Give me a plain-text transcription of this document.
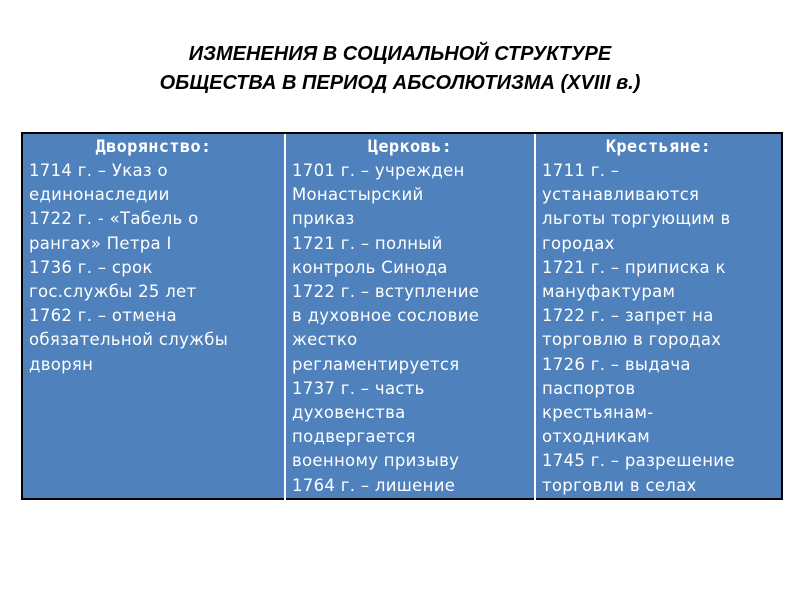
ИЗМЕНЕНИЯ В СОЦИАЛЬНОЙ СТРУКТУРЕ
ОБЩЕСТВА В ПЕРИОД АБСОЛЮТИЗМА (XVIII в.)
Дворянство:
1714 г. – Указ о
единонаследии
1722 г. - «Табель о
рангах» Петра I
1736 г. – срок
гос.службы 25 лет
1762 г. – отмена
обязательной службы
дворян

Церковь:
1701 г. – учрежден
Монастырский
приказ
1721 г. – полный
контроль Синода
1722 г. – вступление
в духовное сословие
жестко
регламентируется
1737 г. – часть
духовенства
подвергается
военному призыву
1764 г. – лишение

Крестьяне:
1711 г. –
устанавливаются
льготы торгующим в
городах
1721 г. – приписка к
мануфактурам
1722 г. – запрет на
торговлю в городах
1726 г. – выдача
паспортов
крестьянам-
отходникам
1745 г. – разрешение
торговли в селах
1748 г.
